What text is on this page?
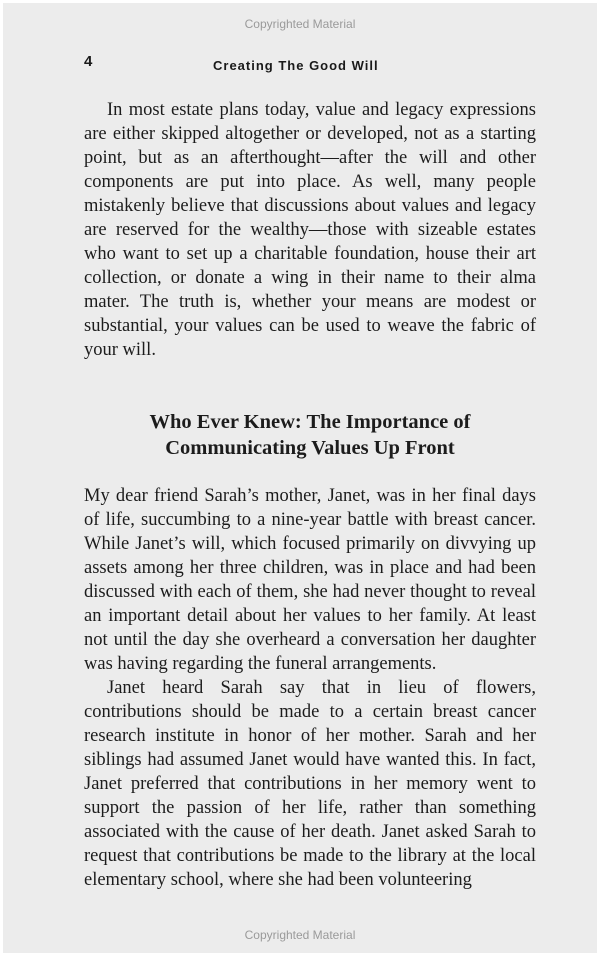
Copyrighted Material
4	Creating The Good Will

In most estate plans today, value and legacy expressions are either skipped altogether or developed, not as a starting point, but as an afterthought—after the will and other components are put into place. As well, many people mistakenly believe that discussions about values and legacy are reserved for the wealthy—those with sizeable estates who want to set up a charitable foundation, house their art collection, or donate a wing in their name to their alma mater. The truth is, whether your means are modest or substantial, your values can be used to weave the fabric of your will.

Who Ever Knew: The Importance of
Communicating Values Up Front

My dear friend Sarah’s mother, Janet, was in her final days of life, succumbing to a nine-year battle with breast cancer. While Janet’s will, which focused primarily on divvying up assets among her three children, was in place and had been discussed with each of them, she had never thought to reveal an important detail about her values to her family. At least not until the day she overheard a conversation her daughter was having regarding the funeral arrangements.

Janet heard Sarah say that in lieu of flowers, contributions should be made to a certain breast cancer research institute in honor of her mother. Sarah and her siblings had assumed Janet would have wanted this. In fact, Janet preferred that contributions in her memory went to support the passion of her life, rather than something associated with the cause of her death. Janet asked Sarah to request that contributions be made to the library at the local elementary school, where she had been volunteering

Copyrighted Material
